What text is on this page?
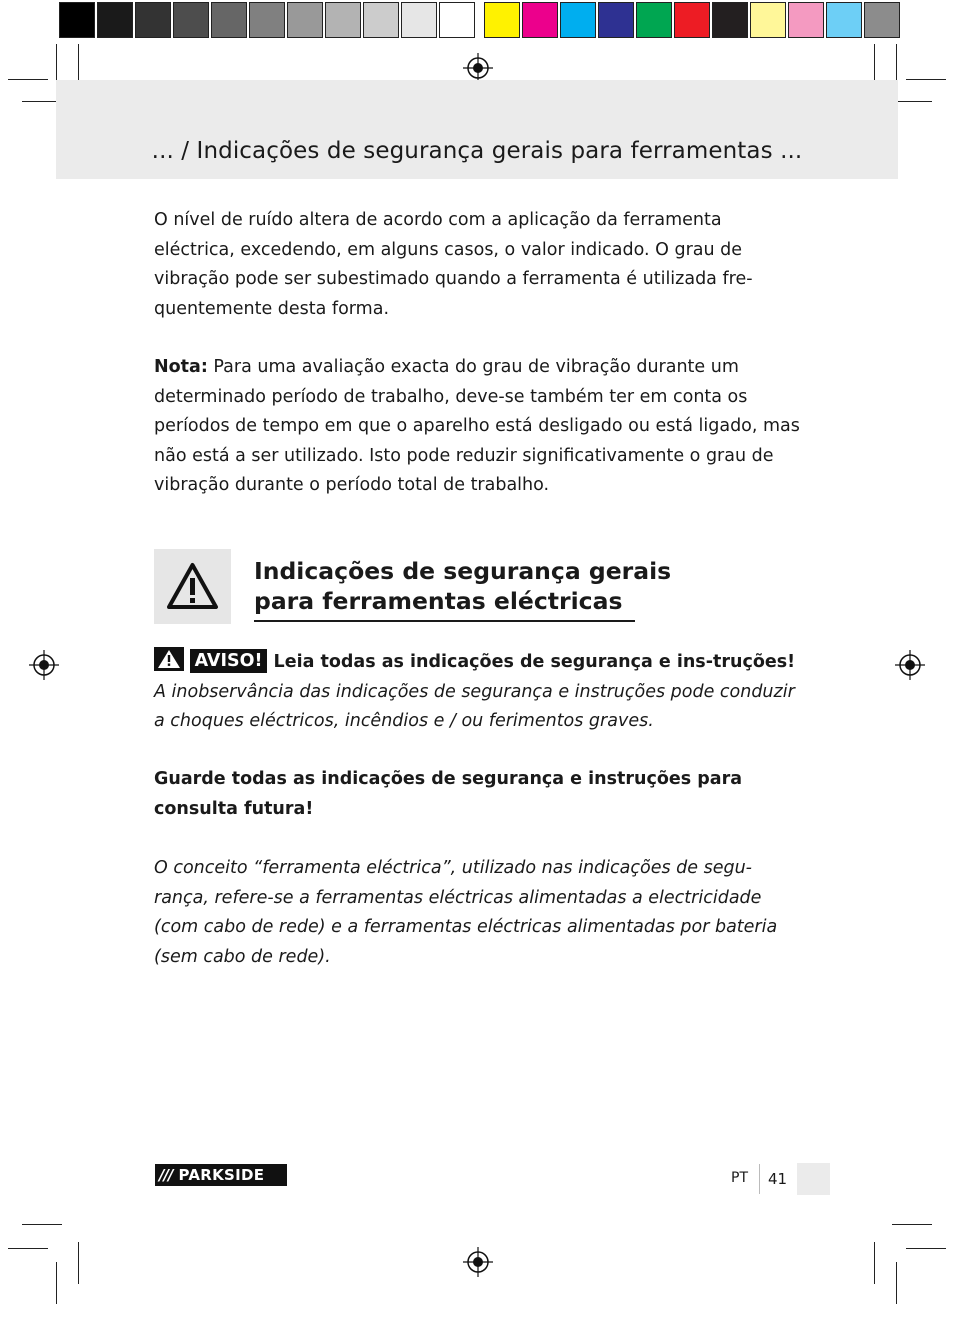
... / Indicações de segurança gerais para ferramentas ...

O nível de ruído altera de acordo com a aplicação da ferramenta eléctrica, excedendo, em alguns casos, o valor indicado. O grau de vibração pode ser subestimado quando a ferramenta é utilizada fre-quentemente desta forma.

Nota: Para uma avaliação exacta do grau de vibração durante um determinado período de trabalho, deve-se também ter em conta os períodos de tempo em que o aparelho está desligado ou está ligado, mas não está a ser utilizado. Isto pode reduzir significativamente o grau de vibração durante o período total de trabalho.

Indicações de segurança gerais
para ferramentas eléctricas

AVISO! Leia todas as indicações de segurança e ins-truções! A inobservância das indicações de segurança e instruções pode conduzir a choques eléctricos, incêndios e / ou ferimentos graves.

Guarde todas as indicações de segurança e instruções para consulta futura!

O conceito “ferramenta eléctrica”, utilizado nas indicações de segu-rança, refere-se a ferramentas eléctricas alimentadas a electricidade (com cabo de rede) e a ferramentas eléctricas alimentadas por bateria (sem cabo de rede).

/// PARKSIDE	PT 41
